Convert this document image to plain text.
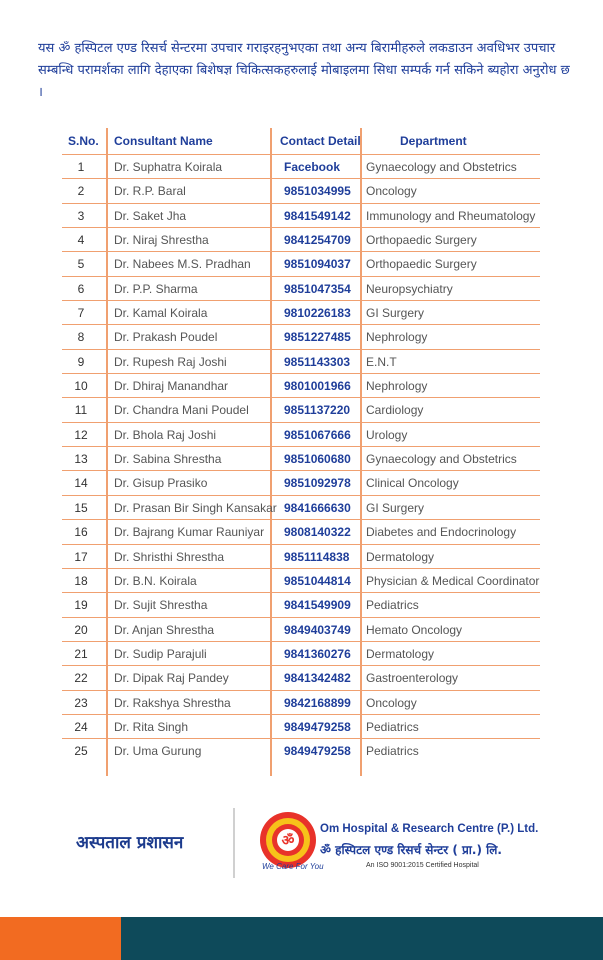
यस ॐ हस्पिटल एण्ड रिसर्च सेन्टरमा उपचार गराइरहनुभएका तथा अन्य बिरामीहरुले लकडाउन अवधिभर उपचार सम्बन्धि परामर्शका लागि देहाएका बिशेषज्ञ चिकित्सकहरुलाई मोबाइलमा सिधा सम्पर्क गर्न सकिने ब्यहोरा अनुरोध छ ।

S.No. Consultant Name	Contact Detail	Department
1	Dr. Suphatra Koirala	Facebook Gynaecology and Obstetrics
2	Dr. R.P. Baral	9851034995 Oncology
3	Dr. Saket Jha	9841549142 Immunology and Rheumatology
4	Dr. Niraj Shrestha	9841254709 Orthopaedic Surgery
5	Dr. Nabees M.S. Pradhan	9851094037 Orthopaedic Surgery
6	Dr. P.P. Sharma	9851047354 Neuropsychiatry
7	Dr. Kamal Koirala	9810226183 GI Surgery
8	Dr. Prakash Poudel	9851227485 Nephrology
9	Dr. Rupesh Raj Joshi	9851143303 E.N.T
10	Dr. Dhiraj Manandhar	9801001966 Nephrology
11	Dr. Chandra Mani Poudel	9851137220 Cardiology
12	Dr. Bhola Raj Joshi	9851067666 Urology
13	Dr. Sabina Shrestha	9851060680 Gynaecology and Obstetrics
14	Dr. Gisup Prasiko	9851092978 Clinical Oncology
15	Dr. Prasan Bir Singh Kansakar 9841666630 GI Surgery
16	Dr. Bajrang Kumar Rauniyar 9808140322 Diabetes and Endocrinology
17	Dr. Shristhi Shrestha	9851114838 Dermatology
18	Dr. B.N. Koirala	9851044814 Physician & Medical Coordinator
19	Dr. Sujit Shrestha	9841549909 Pediatrics
20	Dr. Anjan Shrestha	9849403749 Hemato Oncology
21	Dr. Sudip Parajuli	9841360276 Dermatology
22	Dr. Dipak Raj Pandey	9841342482 Gastroenterology
23	Dr. Rakshya Shrestha	9842168899 Oncology
24	Dr. Rita Singh	9849479258 Pediatrics
25	Dr. Uma Gurung	9849479258 Pediatrics
अस्पताल प्रशासन	ॐ
We Care For You
Om Hospital & Research Centre (P.) Ltd.
ॐ हस्पिटल एण्ड रिसर्च सेन्टर ( प्रा.) लि.
An ISO 9001:2015 Certified Hospital
